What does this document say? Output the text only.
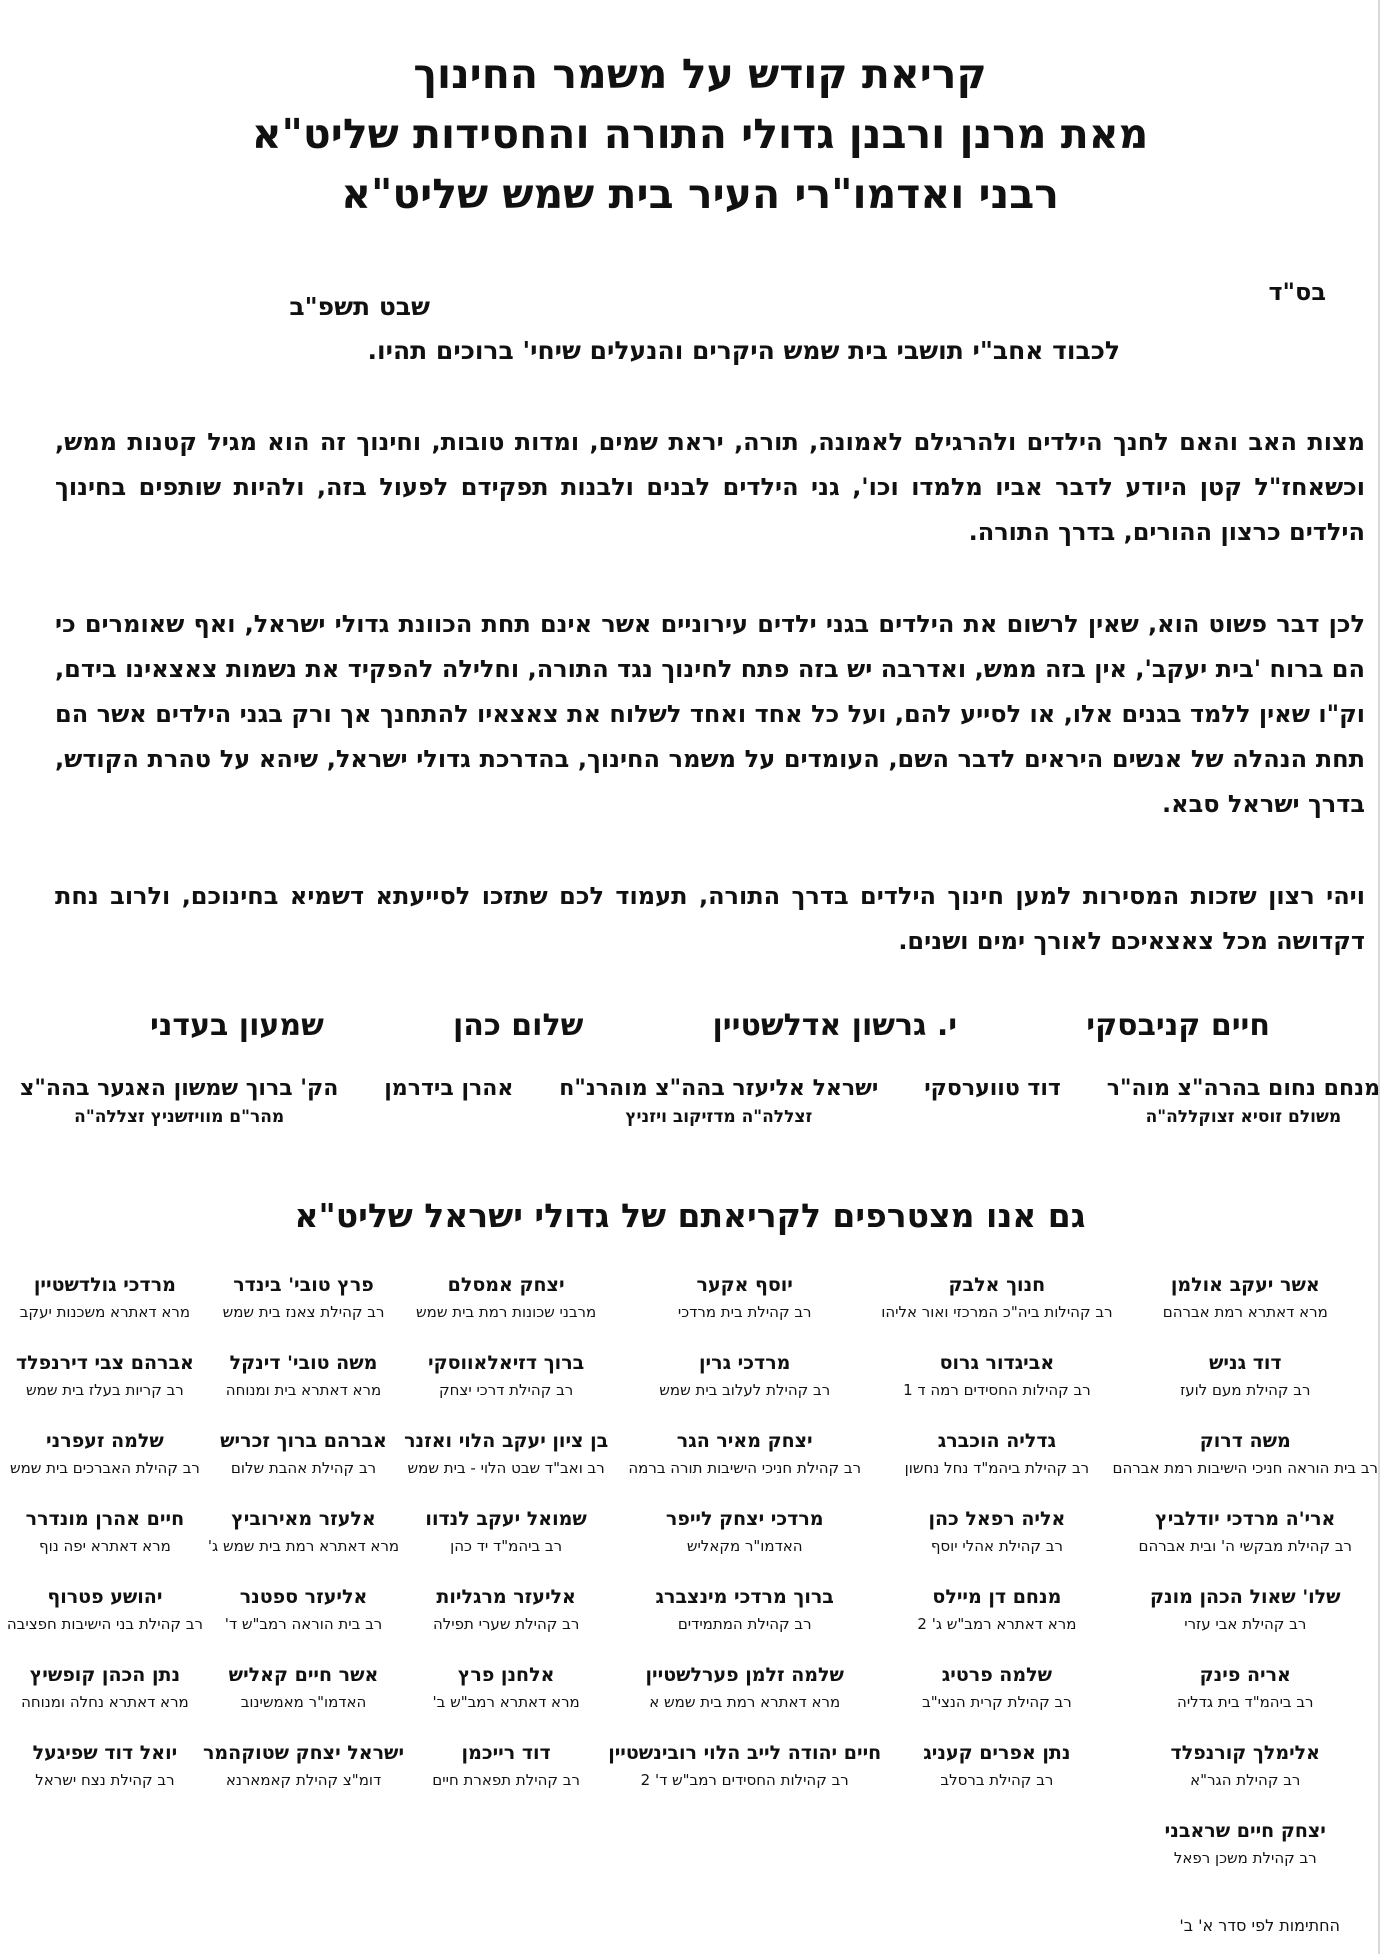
קריאת קודש על משמר החינוך
מאת מרנן ורבנן גדולי התורה והחסידות שליט"א
רבני ואדמו"רי העיר בית שמש שליט"א
בס"ד
שבט תשפ"ב
לכבוד אחב"י תושבי בית שמש היקרים והנעלים שיחי' ברוכים תהיו.
מצות האב והאם לחנך הילדים ולהרגילם לאמונה, תורה, יראת שמים, ומדות טובות, וחינוך זה הוא מגיל קטנות ממש, וכשאחז"ל קטן היודע לדבר אביו מלמדו וכו', גני הילדים לבנים ולבנות תפקידם לפעול בזה, ולהיות שותפים בחינוך הילדים כרצון ההורים, בדרך התורה.
לכן דבר פשוט הוא, שאין לרשום את הילדים בגני ילדים עירוניים אשר אינם תחת הכוונת גדולי ישראל, ואף שאומרים כי הם ברוח 'בית יעקב', אין בזה ממש, ואדרבה יש בזה פתח לחינוך נגד התורה, וחלילה להפקיד את נשמות צאצאינו בידם, וק"ו שאין ללמד בגנים אלו, או לסייע להם, ועל כל אחד ואחד לשלוח את צאצאיו להתחנך אך ורק בגני הילדים אשר הם תחת הנהלה של אנשים היראים לדבר השם, העומדים על משמר החינוך, בהדרכת גדולי ישראל, שיהא על טהרת הקודש, בדרך ישראל סבא.
ויהי רצון שזכות המסירות למען חינוך הילדים בדרך התורה, תעמוד לכם שתזכו לסייעתא דשמיא בחינוכם, ולרוב נחת דקדושה מכל צאצאיכם לאורך ימים ושנים.
חיים קניבסקי
י. גרשון אדלשטיין
שלום כהן
שמעון בעדני
מנחם נחום בהרה"צ מוה"ר
משולם זוסיא זצוקללה"ה
דוד טווערסקי
ישראל אליעזר בהה"צ מוהרנ"ח
זצללה"ה מדזיקוב ויזניץ
אהרן בידרמן
הק' ברוך שמשון האגער בהה"צ
מהר"ם מוויזשניץ זצללה"ה
גם אנו מצטרפים לקריאתם של גדולי ישראל שליט"א
אשר יעקב אולמן
מרא דאתרא רמת אברהם
חנוך אלבק
רב קהילות ביה"כ המרכזי ואור אליהו
יוסף אקער
רב קהילת בית מרדכי
יצחק אמסלם
מרבני שכונות רמת בית שמש
פרץ טובי' בינדר
רב קהילת צאנז בית שמש
מרדכי גולדשטיין
מרא דאתרא משכנות יעקב
דוד גניש
רב קהילת מעם לועז
אביגדור גרוס
רב קהילות החסידים רמה ד 1
מרדכי גרין
רב קהילת לעלוב בית שמש
ברוך דזיאלאווסקי
רב קהילת דרכי יצחק
משה טובי' דינקל
מרא דאתרא בית ומנוחה
אברהם צבי דירנפלד
רב קריות בעלז בית שמש
משה דרוק
רב בית הוראה חניכי הישיבות רמת אברהם
גדליה הוכברג
רב קהילת ביהמ"ד נחל נחשון
יצחק מאיר הגר
רב קהילת חניכי הישיבות תורה ברמה
בן ציון יעקב הלוי ואזנר
רב ואב"ד שבט הלוי - בית שמש
אברהם ברוך זכריש
רב קהילת אהבת שלום
שלמה זעפרני
רב קהילת האברכים בית שמש
ארי'ה מרדכי יודלביץ
רב קהילת מבקשי ה' ובית אברהם
אליה רפאל כהן
רב קהילת אהלי יוסף
מרדכי יצחק לייפר
האדמו"ר מקאליש
שמואל יעקב לנדוו
רב ביהמ"ד יד כהן
אלעזר מאירוביץ
מרא דאתרא רמת בית שמש ג'
חיים אהרן מונדרר
מרא דאתרא יפה נוף
שלו' שאול הכהן מונק
רב קהילת אבי עזרי
מנחם דן מיילס
מרא דאתרא רמב"ש ג' 2
ברוך מרדכי מינצברג
רב קהילת המתמידים
אליעזר מרגליות
רב קהילת שערי תפילה
אליעזר ספטנר
רב בית הוראה רמב"ש ד'
יהושע פטרוף
רב קהילת בני הישיבות חפציבה
אריה פינק
רב ביהמ"ד בית גדליה
שלמה פרטיג
רב קהילת קרית הנצי"ב
שלמה זלמן פערלשטיין
מרא דאתרא רמת בית שמש א
אלחנן פרץ
מרא דאתרא רמב"ש ב'
אשר חיים קאליש
האדמו"ר מאמשינוב
נתן הכהן קופשיץ
מרא דאתרא נחלה ומנוחה
אלימלך קורנפלד
רב קהילת הגר"א
נתן אפרים קעניג
רב קהילת ברסלב
חיים יהודה לייב הלוי רובינשטיין
רב קהילות החסידים רמב"ש ד' 2
דוד רייכמן
רב קהילת תפארת חיים
ישראל יצחק שטוקהמר
דומ"צ קהילת קאמארנא
יואל דוד שפיגעל
רב קהילת נצח ישראל
יצחק חיים שראבני
רב קהילת משכן רפאל
החתימות לפי סדר א' ב'
